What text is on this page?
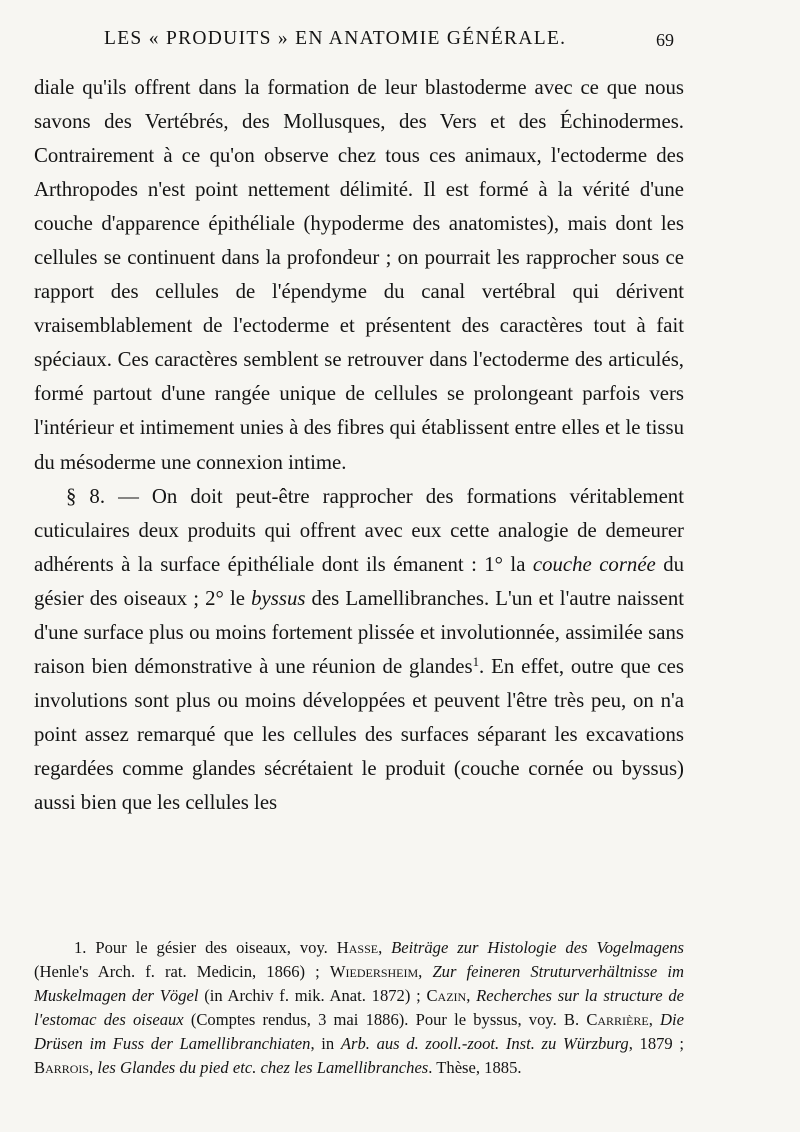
LES « PRODUITS » EN ANATOMIE GÉNÉRALE.	69

diale qu'ils offrent dans la formation de leur blastoderme avec ce que nous savons des Vertébrés, des Mollusques, des Vers et des Échinodermes. Contrairement à ce qu'on observe chez tous ces animaux, l'ectoderme des Arthropodes n'est point nettement délimité. Il est formé à la vérité d'une couche d'apparence épithéliale (hypoderme des anatomistes), mais dont les cellules se continuent dans la profondeur ; on pourrait les rapprocher sous ce rapport des cellules de l'épendyme du canal vertébral qui dérivent vraisemblablement de l'ectoderme et présentent des caractères tout à fait spéciaux. Ces caractères semblent se retrouver dans l'ectoderme des articulés, formé partout d'une rangée unique de cellules se prolongeant parfois vers l'intérieur et intimement unies à des fibres qui établissent entre elles et le tissu du mésoderme une connexion intime.

§ 8. — On doit peut-être rapprocher des formations véritablement cuticulaires deux produits qui offrent avec eux cette analogie de demeurer adhérents à la surface épithéliale dont ils émanent : 1° la couche cornée du gésier des oiseaux ; 2° le byssus des Lamellibranches. L'un et l'autre naissent d'une surface plus ou moins fortement plissée et involutionnée, assimilée sans raison bien démonstrative à une réunion de glandes$^1$. En effet, outre que ces involutions sont plus ou moins développées et peuvent l'être très peu, on n'a point assez remarqué que les cellules des surfaces séparant les excavations regardées comme glandes sécrétaient le produit (couche cornée ou byssus) aussi bien que les cellules les

1. Pour le gésier des oiseaux, voy. Hasse, Beiträge zur Histologie des Vogelmagens (Henle's Arch. f. rat. Medicin, 1866) ; Wiedersheim, Zur feineren Struturverhältnisse im Muskelmagen der Vögel (in Archiv f. mik. Anat. 1872) ; Cazin, Recherches sur la structure de l'estomac des oiseaux (Comptes rendus, 3 mai 1886). Pour le byssus, voy. B. Carrière, Die Drüsen im Fuss der Lamellibranchiaten, in Arb. aus d. zooll.-zoot. Inst. zu Würzburg, 1879 ; Barrois, les Glandes du pied etc. chez les Lamellibranches. Thèse, 1885.
